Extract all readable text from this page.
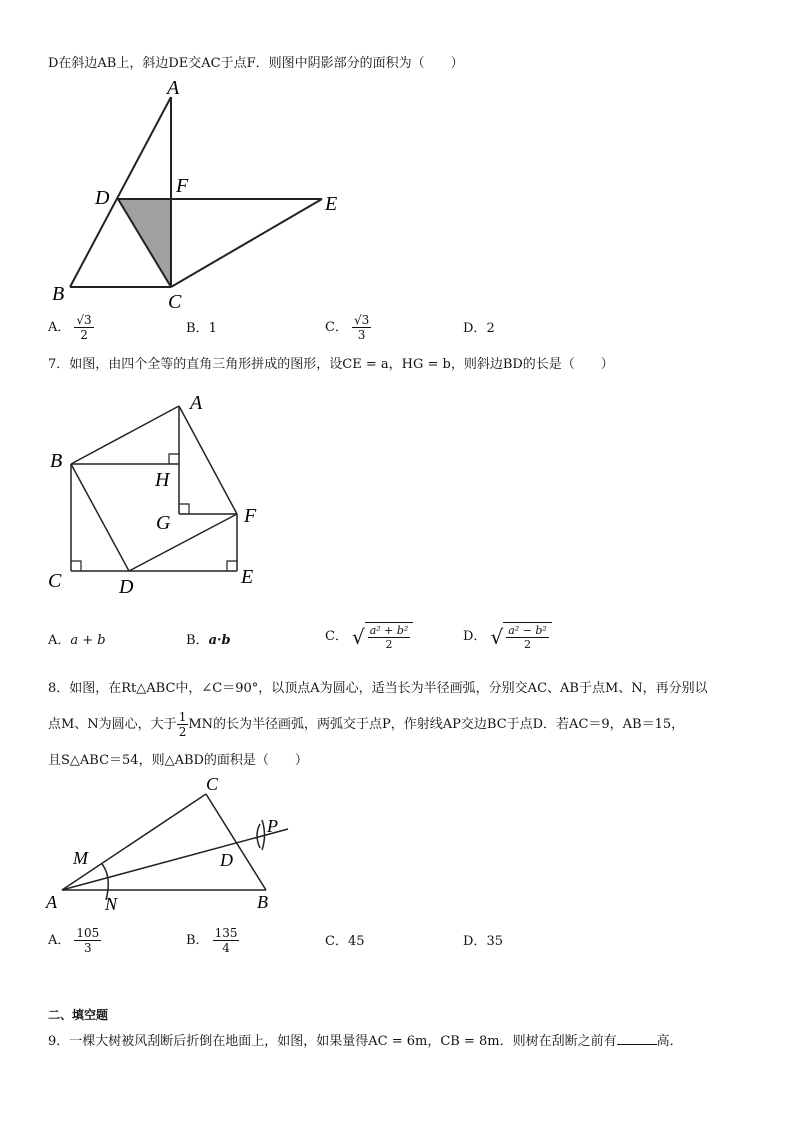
D在斜边AB上，斜边DE交AC于点F．则图中阴影部分的面积为（　　）
A
B	C
D	E
F
A． $\frac{√3}{2}$	B．1	C． $\frac{√3}{3}$	D．2
7．如图，由四个全等的直角三角形拼成的图形，设CE = a，HG = b，则斜边BD的长是（　　）
A
B
C	D	E
F
G
H
A．a + b	B．a·b	C． √ $\frac{\text{a² + b²}}{2}$	D． √ $\frac{\text{a² − b²}}{2}$
8．如图，在Rt△ABC中，∠C＝90°，以顶点A为圆心，适当长为半径画弧，分别交AC、AB于点M、N，再分别以
点M、N为圆心，大于 $\frac{1}{2}$ MN的长为半径画弧，两弧交于点P，作射线AP交边BC于点D．若AC＝9，AB＝15，
且S△ABC＝54，则△ABD的面积是（　　）
C
A	B
D
M
N
P
A． $\frac{105}{3}$	B． $\frac{135}{4}$	C．45	D．35
二、填空题
9．一棵大树被风刮断后折倒在地面上，如图，如果量得AC = 6m，CB = 8m．则树在刮断之前有	高．
